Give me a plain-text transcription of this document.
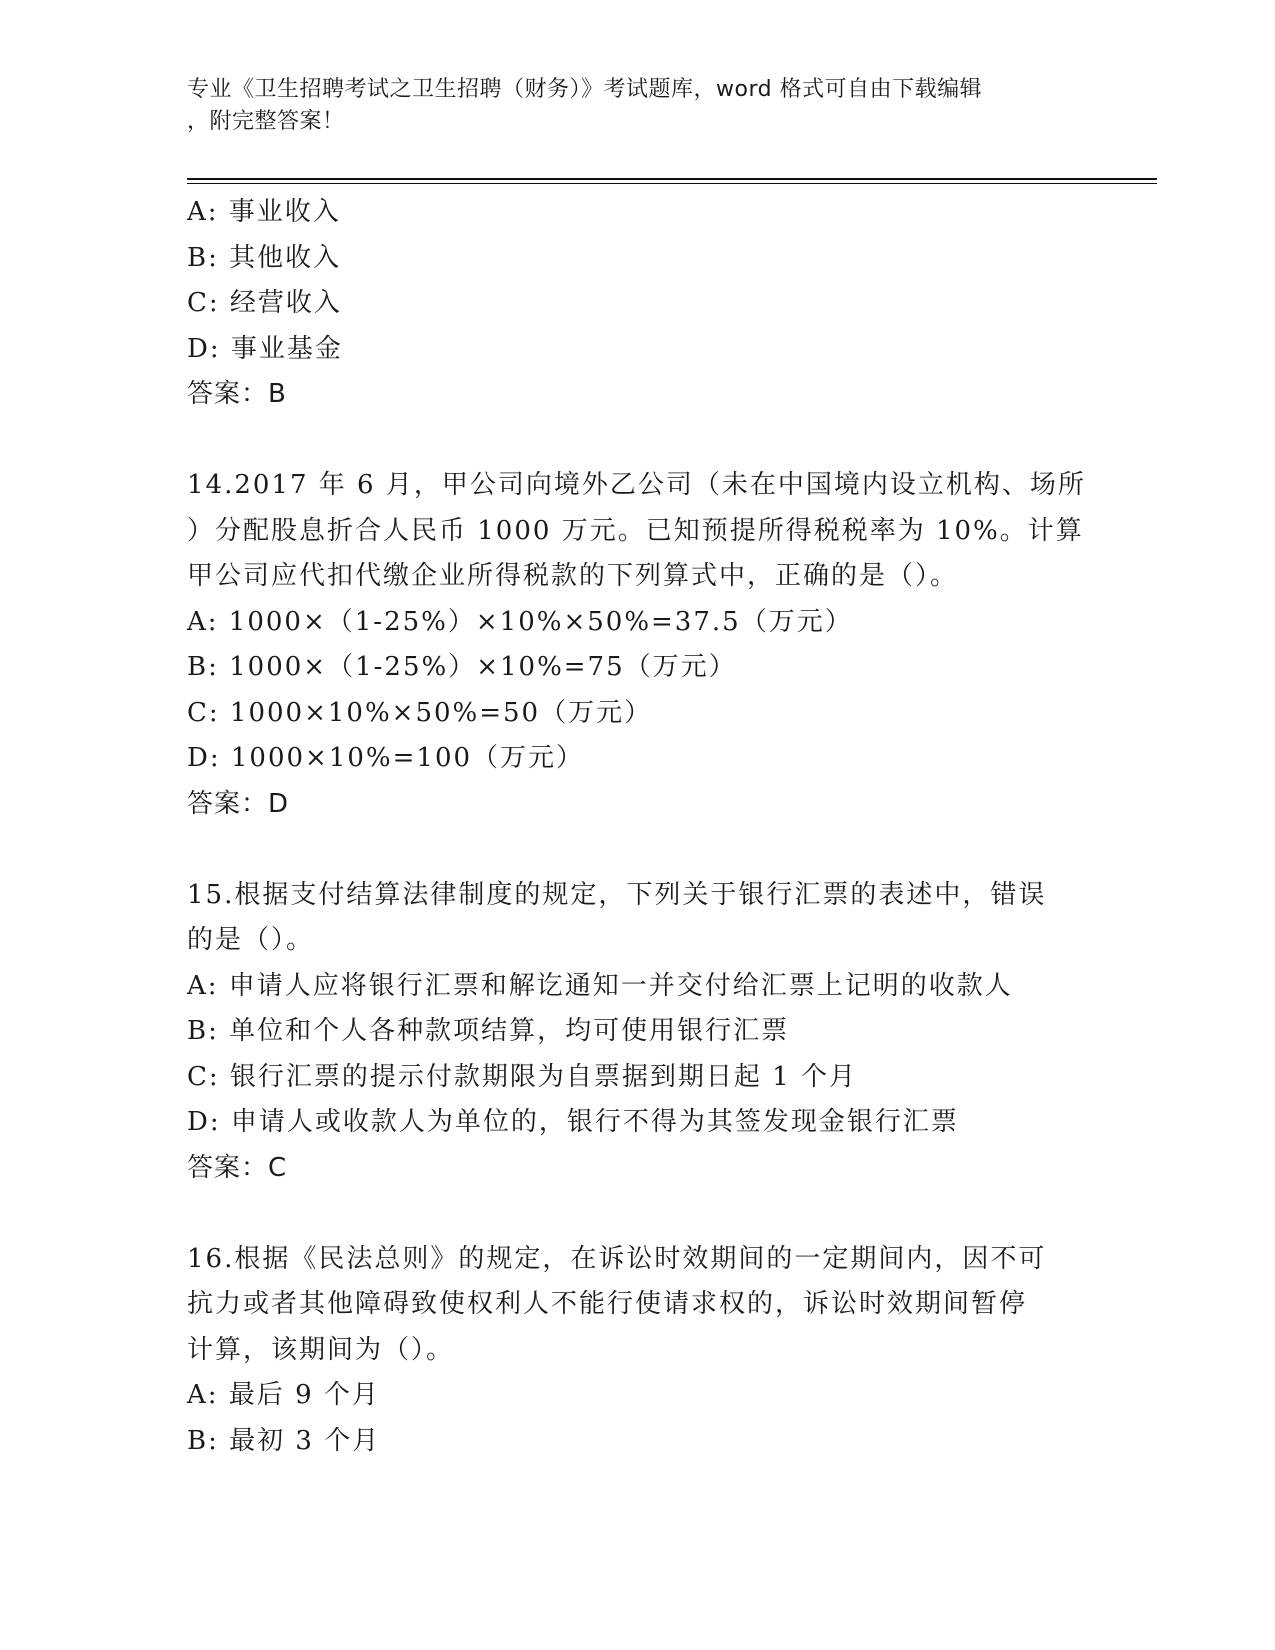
专业《卫生招聘考试之卫生招聘（财务）》考试题库，word 格式可自由下载编辑
，附完整答案！
A: 事业收入
B: 其他收入
C: 经营收入
D: 事业基金
答案：B
14.2017 年 6 月，甲公司向境外乙公司（未在中国境内设立机构、场所
）分配股息折合人民币 1000 万元。已知预提所得税税率为 10%。计算
甲公司应代扣代缴企业所得税款的下列算式中，正确的是（）。
A: 1000×（1-25%）×10%×50%=37.5（万元）
B: 1000×（1-25%）×10%=75（万元）
C: 1000×10%×50%=50（万元）
D: 1000×10%=100（万元）
答案：D
15.根据支付结算法律制度的规定，下列关于银行汇票的表述中，错误
的是（）。
A: 申请人应将银行汇票和解讫通知一并交付给汇票上记明的收款人
B: 单位和个人各种款项结算，均可使用银行汇票
C: 银行汇票的提示付款期限为自票据到期日起 1 个月
D: 申请人或收款人为单位的，银行不得为其签发现金银行汇票
答案：C
16.根据《民法总则》的规定，在诉讼时效期间的一定期间内，因不可
抗力或者其他障碍致使权利人不能行使请求权的，诉讼时效期间暂停
计算，该期间为（）。
A: 最后 9 个月
B: 最初 3 个月
